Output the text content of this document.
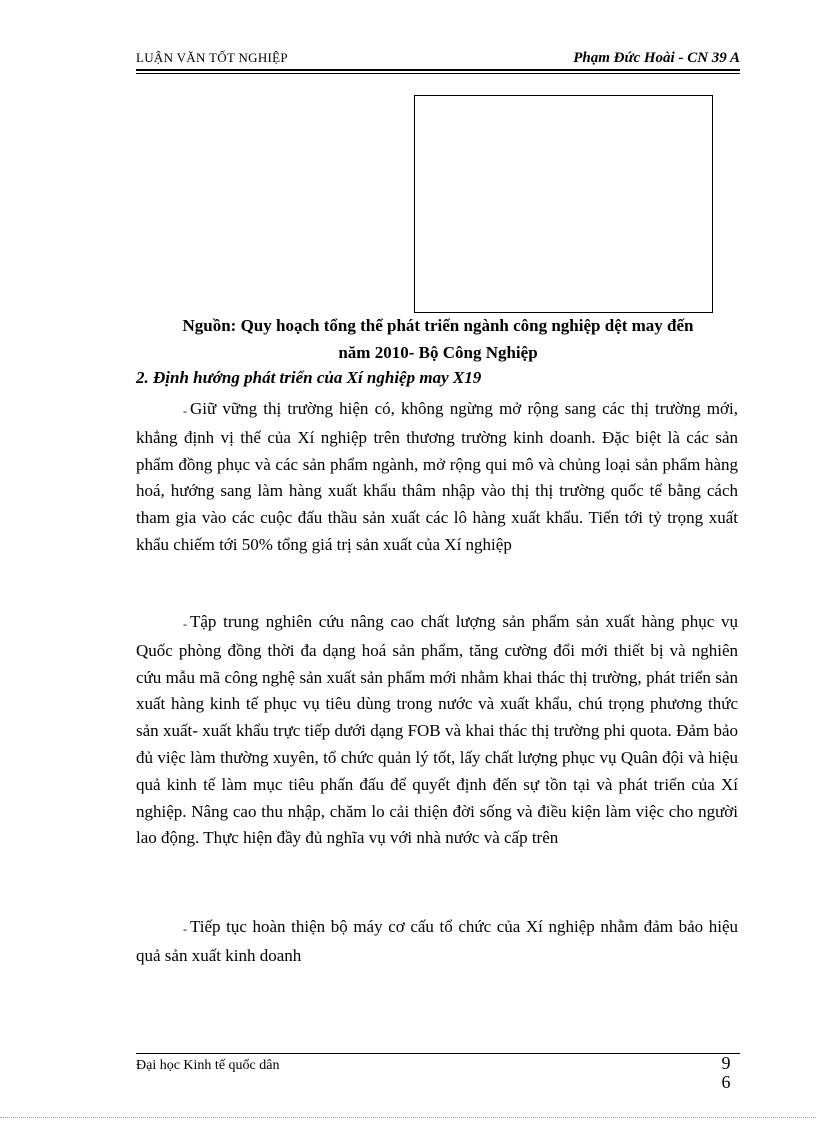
LUẬN VĂN TỐT NGHIỆP	Phạm Đức Hoài - CN 39 A
Nguồn: Quy hoạch tổng thể phát triển ngành công nghiệp dệt may đến
năm 2010- Bộ Công Nghiệp
2. Định hướng phát triển của Xí nghiệp may X19

- Giữ vững thị trường hiện có, không ngừng mở rộng sang các thị trường mới, khẳng định vị thế của Xí nghiệp trên thương trường kinh doanh. Đặc biệt là các sản phẩm đồng phục và các sản phẩm ngành, mở rộng qui mô và chủng loại sản phẩm hàng hoá, hướng sang làm hàng xuất khẩu thâm nhập vào thị thị trường quốc tế bằng cách tham gia vào các cuộc đấu thầu sản xuất các lô hàng xuất khẩu. Tiến tới tỷ trọng xuất khẩu chiếm tới 50% tổng giá trị sản xuất của Xí nghiệp

- Tập trung nghiên cứu nâng cao chất lượng sản phẩm sản xuất hàng phục vụ Quốc phòng đồng thời đa dạng hoá sản phẩm, tăng cường đổi mới thiết bị và nghiên cứu mẫu mã công nghệ sản xuất sản phẩm mới nhằm khai thác thị trường, phát triển sản xuất hàng kinh tế phục vụ tiêu dùng trong nước và xuất khẩu, chú trọng phương thức sản xuất- xuất khẩu trực tiếp dưới dạng FOB và khai thác thị trường phi quota. Đảm bảo đủ việc làm thường xuyên, tổ chức quản lý tốt, lấy chất lượng phục vụ Quân đội và hiệu quả kinh tế làm mục tiêu phấn đấu để quyết định đến sự tồn tại và phát triển của Xí nghiệp. Nâng cao thu nhập, chăm lo cải thiện đời sống và điều kiện làm việc cho người lao động. Thực hiện đầy đủ nghĩa vụ với nhà nước và cấp trên

- Tiếp tục hoàn thiện bộ máy cơ cấu tổ chức của Xí nghiệp nhằm đảm bảo hiệu quả sản xuất kinh doanh

Đại học Kinh tế quốc dân	9
6
